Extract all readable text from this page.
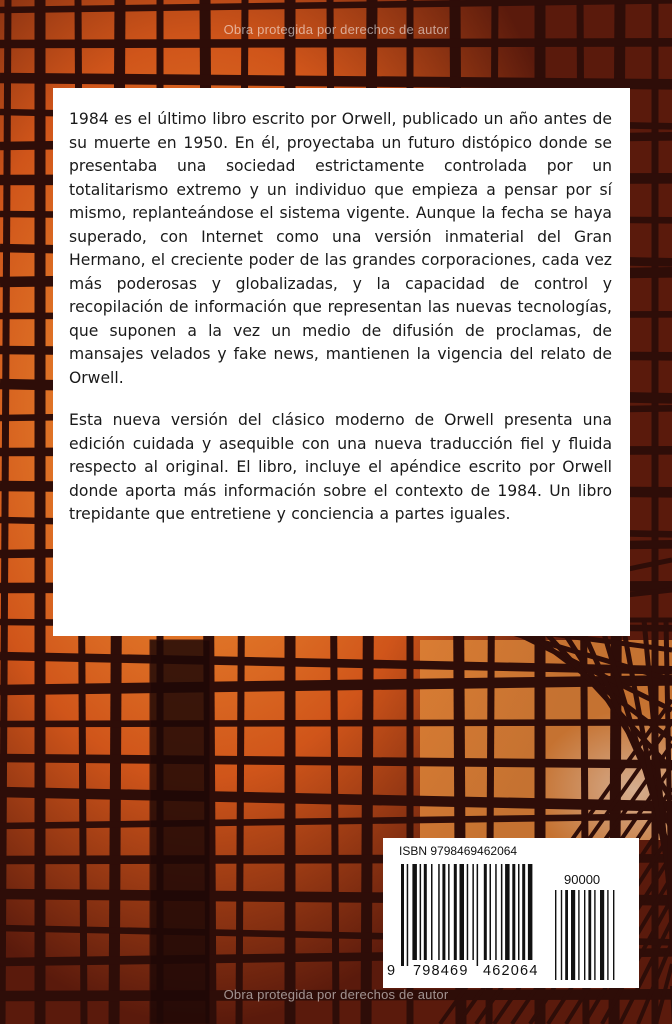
Obra protegida por derechos de autor

1984 es el último libro escrito por Orwell, publicado un año antes de su muerte en 1950. En él, proyectaba un futuro distópico donde se presentaba una sociedad estrictamente controlada por un totalitarismo extremo y un individuo que empieza a pensar por sí mismo, replanteándose el sistema vigente. Aunque la fecha se haya superado, con Internet como una versión inmaterial del Gran Hermano, el creciente poder de las grandes corporaciones, cada vez más poderosas y globalizadas, y la capacidad de control y recopilación de información que representan las nuevas tecnologías, que suponen a la vez un medio de difusión de proclamas, de mansajes velados y fake news, mantienen la vigencia del relato de Orwell.

Esta nueva versión del clásico moderno de Orwell presenta una edición cuidada y asequible con una nueva traducción fiel y fluida respecto al original. El libro, incluye el apéndice escrito por Orwell donde aporta más información sobre el contexto de 1984. Un libro trepidante que entretiene y conciencia a partes iguales.

ISBN 9798469462064
90000
9 798469 462064
Obra protegida por derechos de autor
